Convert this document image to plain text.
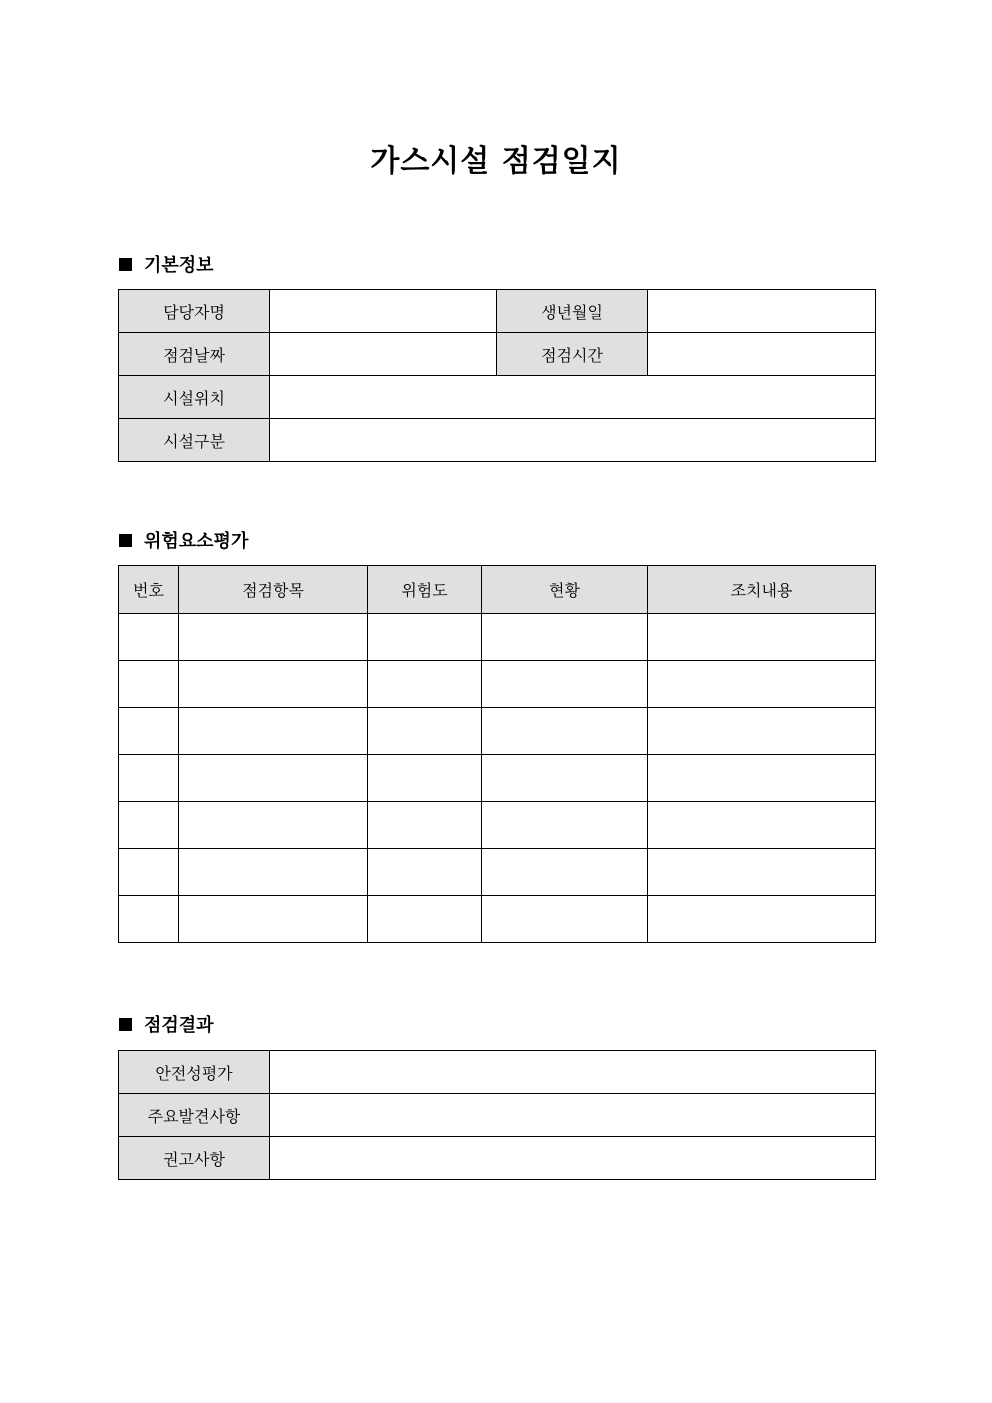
가스시설 점검일지
기본정보
담당자명		생년월일	
점검날짜		점검시간	
시설위치			
시설구분			
위험요소평가
번호	점검항목	위험도	현황	조치내용

점검결과
안전성평가	
주요발견사항	
권고사항	
